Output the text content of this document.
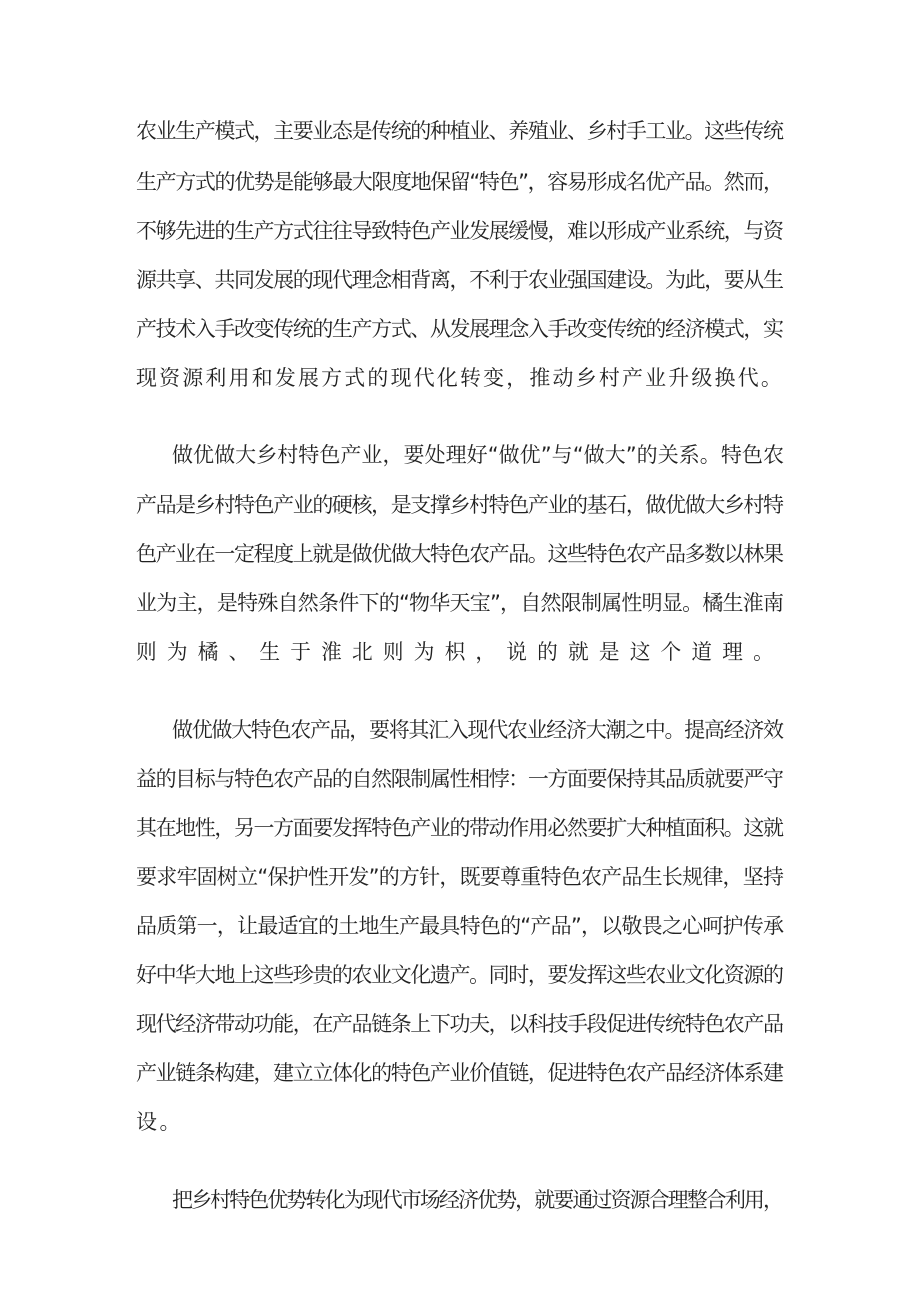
农业生产模式，主要业态是传统的种植业、养殖业、乡村手工业。这些传统

生产方式的优势是能够最大限度地保留“特色”，容易形成名优产品。然而，

不够先进的生产方式往往导致特色产业发展缓慢，难以形成产业系统，与资

源共享、共同发展的现代理念相背离，不利于农业强国建设。为此，要从生

产技术入手改变传统的生产方式、从发展理念入手改变传统的经济模式，实

现资源利用和发展方式的现代化转变，推动乡村产业升级换代。

做优做大乡村特色产业，要处理好“做优”与“做大”的关系。特色农

产品是乡村特色产业的硬核，是支撑乡村特色产业的基石，做优做大乡村特

色产业在一定程度上就是做优做大特色农产品。这些特色农产品多数以林果

业为主，是特殊自然条件下的“物华天宝”，自然限制属性明显。橘生淮南

则为橘、生于淮北则为枳，说的就是这个道理。

做优做大特色农产品，要将其汇入现代农业经济大潮之中。提高经济效

益的目标与特色农产品的自然限制属性相悖：一方面要保持其品质就要严守

其在地性，另一方面要发挥特色产业的带动作用必然要扩大种植面积。这就

要求牢固树立“保护性开发”的方针，既要尊重特色农产品生长规律，坚持

品质第一，让最适宜的土地生产最具特色的“产品”，以敬畏之心呵护传承

好中华大地上这些珍贵的农业文化遗产。同时，要发挥这些农业文化资源的

现代经济带动功能，在产品链条上下功夫，以科技手段促进传统特色农产品

产业链条构建，建立立体化的特色产业价值链，促进特色农产品经济体系建

设。

把乡村特色优势转化为现代市场经济优势，就要通过资源合理整合利用，
